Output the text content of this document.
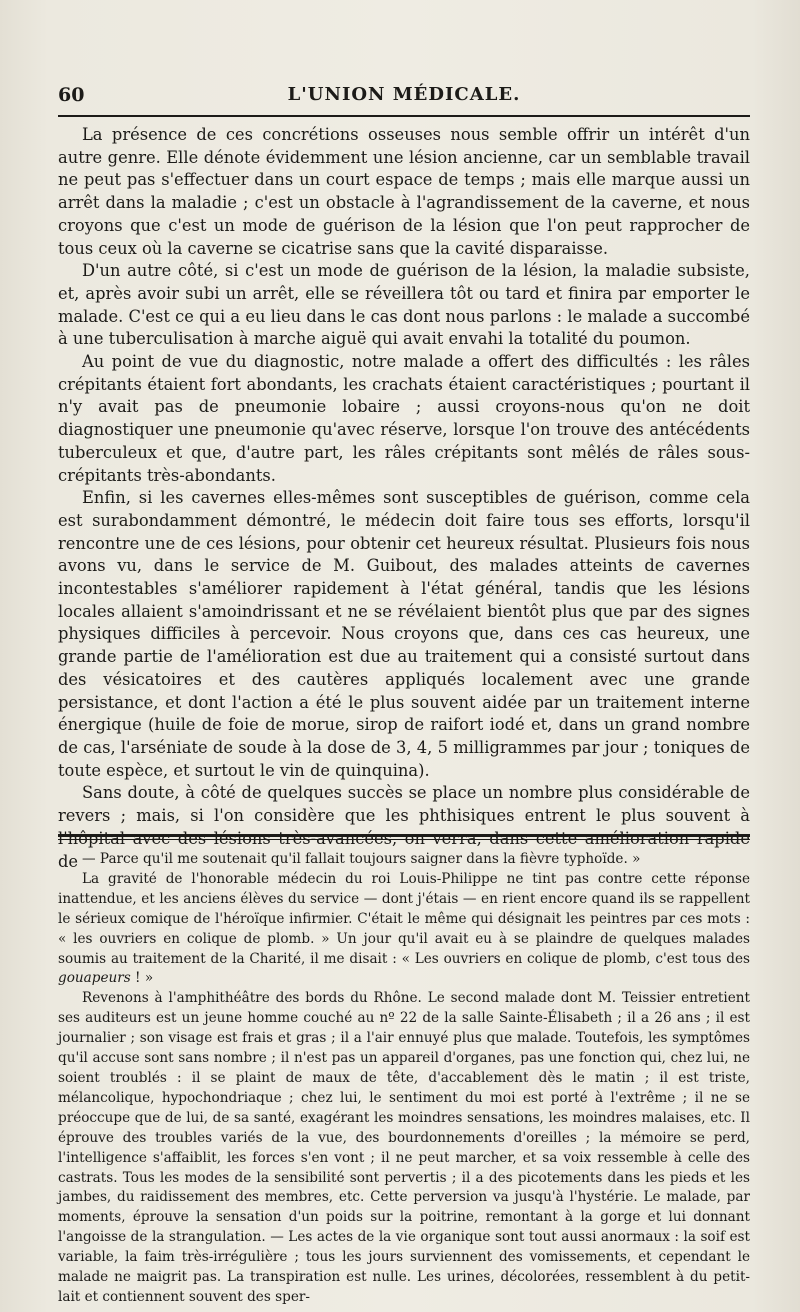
60	L'UNION MÉDICALE.

La présence de ces concrétions osseuses nous semble offrir un intérêt d'un autre genre. Elle dénote évidemment une lésion ancienne, car un semblable travail ne peut pas s'effectuer dans un court espace de temps ; mais elle marque aussi un arrêt dans la maladie ; c'est un obstacle à l'agrandissement de la caverne, et nous croyons que c'est un mode de guérison de la lésion que l'on peut rapprocher de tous ceux où la caverne se cicatrise sans que la cavité disparaisse.

D'un autre côté, si c'est un mode de guérison de la lésion, la maladie subsiste, et, après avoir subi un arrêt, elle se réveillera tôt ou tard et finira par emporter le malade. C'est ce qui a eu lieu dans le cas dont nous parlons : le malade a succombé à une tuberculisation à marche aiguë qui avait envahi la totalité du poumon.

Au point de vue du diagnostic, notre malade a offert des difficultés : les râles crépitants étaient fort abondants, les crachats étaient caractéristiques ; pourtant il n'y avait pas de pneumonie lobaire ; aussi croyons-nous qu'on ne doit diagnostiquer une pneumonie qu'avec réserve, lorsque l'on trouve des antécédents tuberculeux et que, d'autre part, les râles crépitants sont mêlés de râles sous-crépitants très-abondants.

Enfin, si les cavernes elles-mêmes sont susceptibles de guérison, comme cela est surabondamment démontré, le médecin doit faire tous ses efforts, lorsqu'il rencontre une de ces lésions, pour obtenir cet heureux résultat. Plusieurs fois nous avons vu, dans le service de M. Guibout, des malades atteints de cavernes incontestables s'améliorer rapidement à l'état général, tandis que les lésions locales allaient s'amoindrissant et ne se révélaient bientôt plus que par des signes physiques difficiles à percevoir. Nous croyons que, dans ces cas heureux, une grande partie de l'amélioration est due au traitement qui a consisté surtout dans des vésicatoires et des cautères appliqués localement avec une grande persistance, et dont l'action a été le plus souvent aidée par un traitement interne énergique (huile de foie de morue, sirop de raifort iodé et, dans un grand nombre de cas, l'arséniate de soude à la dose de 3, 4, 5 milligrammes par jour ; toniques de toute espèce, et surtout le vin de quinquina).

Sans doute, à côté de quelques succès se place un nombre plus considérable de revers ; mais, si l'on considère que les phthisiques entrent le plus souvent à de — Parce qu'il me soutenait qu'il fallait toujours saigner dans la fièvre typhoïde. »

La gravité de l'honorable médecin du roi Louis-Philippe ne tint pas contre cette réponse inattendue, et les anciens élèves du service — dont j'étais — en rient encore quand ils se rappellent le sérieux comique de l'héroïque infirmier. C'était le même qui désignait les peintres par ces mots : « les ouvriers en colique de plomb. » Un jour qu'il avait eu à se plaindre de quelques malades soumis au traitement de la Charité, il me disait : « Les ouvriers en colique de plomb, c'est tous des gouapeurs ! »

Revenons à l'amphithéâtre des bords du Rhône. Le second malade dont M. Teissier entretient ses auditeurs est un jeune homme couché au nº 22 de la salle Sainte-Élisabeth ; il a 26 ans ; il est journalier ; son visage est frais et gras ; il a l'air ennuyé plus que malade. Toutefois, les symptômes qu'il accuse sont sans nombre ; il n'est pas un appareil d'organes, pas une fonction qui, chez lui, ne soient troublés : il se plaint de maux de tête, d'accablement dès le matin ; il est triste, mélancolique, hypochondriaque ; chez lui, le sentiment du moi est porté à l'extrême ; il ne se préoccupe que de lui, de sa santé, exagérant les moindres sensations, les moindres malaises, etc. Il éprouve des troubles variés de la vue, des bourdonnements d'oreilles ; la mémoire se perd, l'intelligence s'affaiblit, les forces s'en vont ; il ne peut marcher, et sa voix ressemble à celle des castrats. Tous les modes de la sensibilité sont pervertis ; il a des picotements dans les pieds et les jambes, du raidissement des membres, etc. Cette perversion va jusqu'à l'hystérie. Le malade, par moments, éprouve la sensation d'un poids sur la poitrine, remontant à la gorge et lui donnant l'angoisse de la strangulation. — Les actes de la vie organique sont tout aussi anormaux : la soif est variable, la faim très-irrégulière ; tous les jours surviennent des vomissements, et cependant le malade ne maigrit pas. La transpiration est nulle. Les urines, décolorées, ressemblent à du petit-lait et contiennent souvent des sper-
